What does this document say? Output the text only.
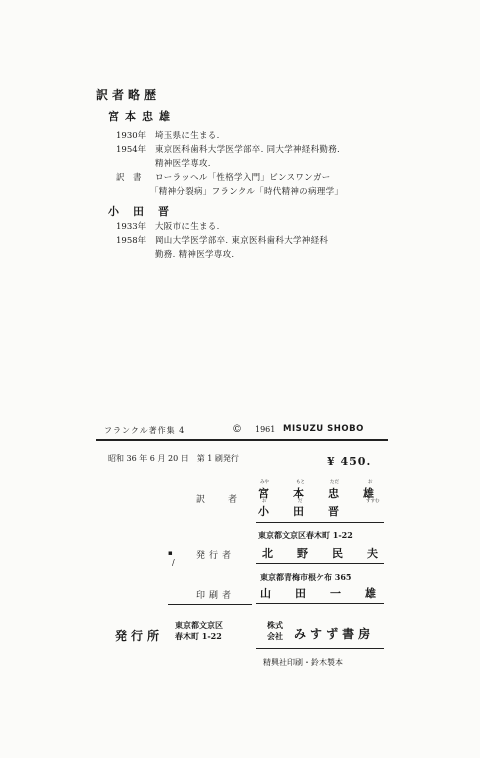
訳者略歴
宮本忠雄
1930年 埼玉県に生まる.
1954年 東京医科歯科大学医学部卒. 同大学神経科勤務.
精神医学専攻.
訳　書 ローラッヘル「性格学入門」ビンスワンガー
「精神分裂病」フランクル「時代精神の病理学」
小田晋
1933年 大阪市に生まる.
1958年 岡山大学医学部卒. 東京医科歯科大学神経科
勤務. 精神医学専攻.
フランクル著作集 4	© 1961 MISUZU SHOBO
昭和 36 年 6 月 20 日　第 1 刷発行	¥ 450.
訳　者
みや	もと	ただ	お
宮本忠雄
お	だ	すすむ
小田晋
東京都文京区春木町 1-22
▪
/
発行者 北野民夫
東京都青梅市根ケ布 365
印刷者 山田一雄
発行所
東京都文京区
春木町 1-22
株式
会社 みすず書房
精興社印刷・鈴木製本
